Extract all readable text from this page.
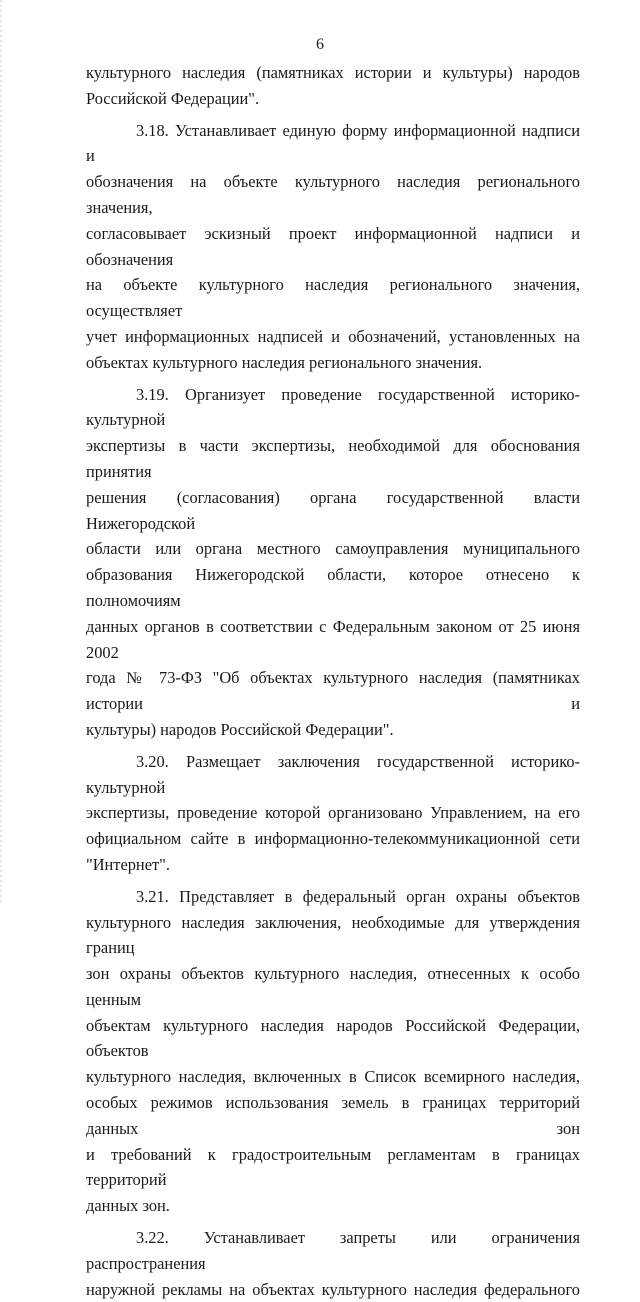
6
культурного наследия (памятниках истории и культуры) народов
Российской Федерации".
3.18. Устанавливает единую форму информационной надписи и
обозначения на объекте культурного наследия регионального значения,
согласовывает эскизный проект информационной надписи и обозначения
на объекте культурного наследия регионального значения, осуществляет
учет информационных надписей и обозначений, установленных на
объектах культурного наследия регионального значения.
3.19. Организует проведение государственной историко-культурной
экспертизы в части экспертизы, необходимой для обоснования принятия
решения (согласования) органа государственной власти Нижегородской
области или органа местного самоуправления муниципального
образования Нижегородской области, которое отнесено к полномочиям
данных органов в соответствии с Федеральным законом от 25 июня 2002
года № 73-ФЗ "Об объектах культурного наследия (памятниках истории и
культуры) народов Российской Федерации".
3.20. Размещает заключения государственной историко-культурной
экспертизы, проведение которой организовано Управлением, на его
официальном сайте в информационно-телекоммуникационной сети
"Интернет".
3.21. Представляет в федеральный орган охраны объектов
культурного наследия заключения, необходимые для утверждения границ
зон охраны объектов культурного наследия, отнесенных к особо ценным
объектам культурного наследия народов Российской Федерации, объектов
культурного наследия, включенных в Список всемирного наследия,
особых режимов использования земель в границах территорий данных зон
и требований к градостроительным регламентам в границах территорий
данных зон.
3.22. Устанавливает запреты или ограничения распространения
наружной рекламы на объектах культурного наследия федерального
